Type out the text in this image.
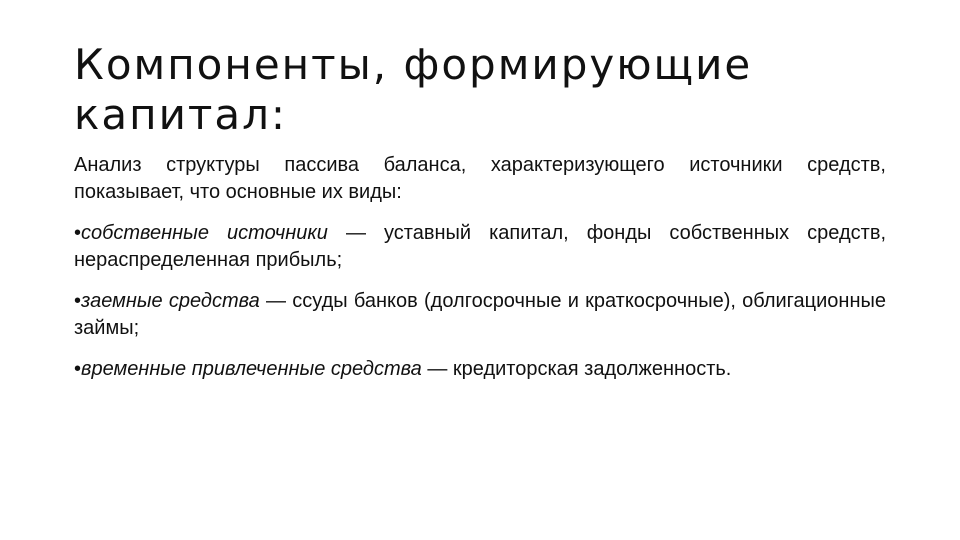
Компоненты, формирующие капитал:

Анализ структуры пассива баланса, характеризующего источники средств, показывает, что основные их виды:

•собственные источники — уставный капитал, фонды собственных средств, нераспределенная прибыль;

•заемные средства — ссуды банков (долгосрочные и краткосрочные), облигационные займы;

•временные привлеченные средства — кредиторская задолженность.
